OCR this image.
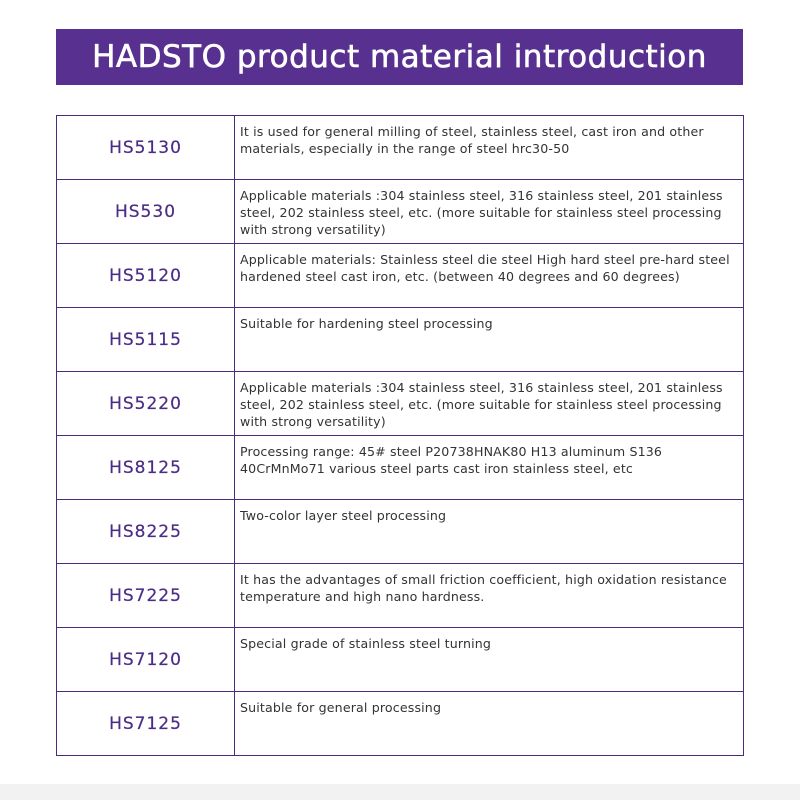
HADSTO product material introduction
HS5130	It is used for general milling of steel, stainless steel, cast iron and other materials, especially in the range of steel hrc30-50
HS530	Applicable materials :304 stainless steel, 316 stainless steel, 201 stainless steel, 202 stainless steel, etc. (more suitable for stainless steel processing with strong versatility)
HS5120	Applicable materials: Stainless steel die steel High hard steel pre-hard steel hardened steel cast iron, etc. (between 40 degrees and 60 degrees)
HS5115	Suitable for hardening steel processing
HS5220	Applicable materials :304 stainless steel, 316 stainless steel, 201 stainless steel, 202 stainless steel, etc. (more suitable for stainless steel processing with strong versatility)
HS8125	Processing range: 45# steel P20738HNAK80 H13 aluminum S136 40CrMnMo71 various steel parts cast iron stainless steel, etc
HS8225	Two-color layer steel processing
HS7225	It has the advantages of small friction coefficient, high oxidation resistance temperature and high nano hardness.
HS7120	Special grade of stainless steel turning
HS7125	Suitable for general processing
